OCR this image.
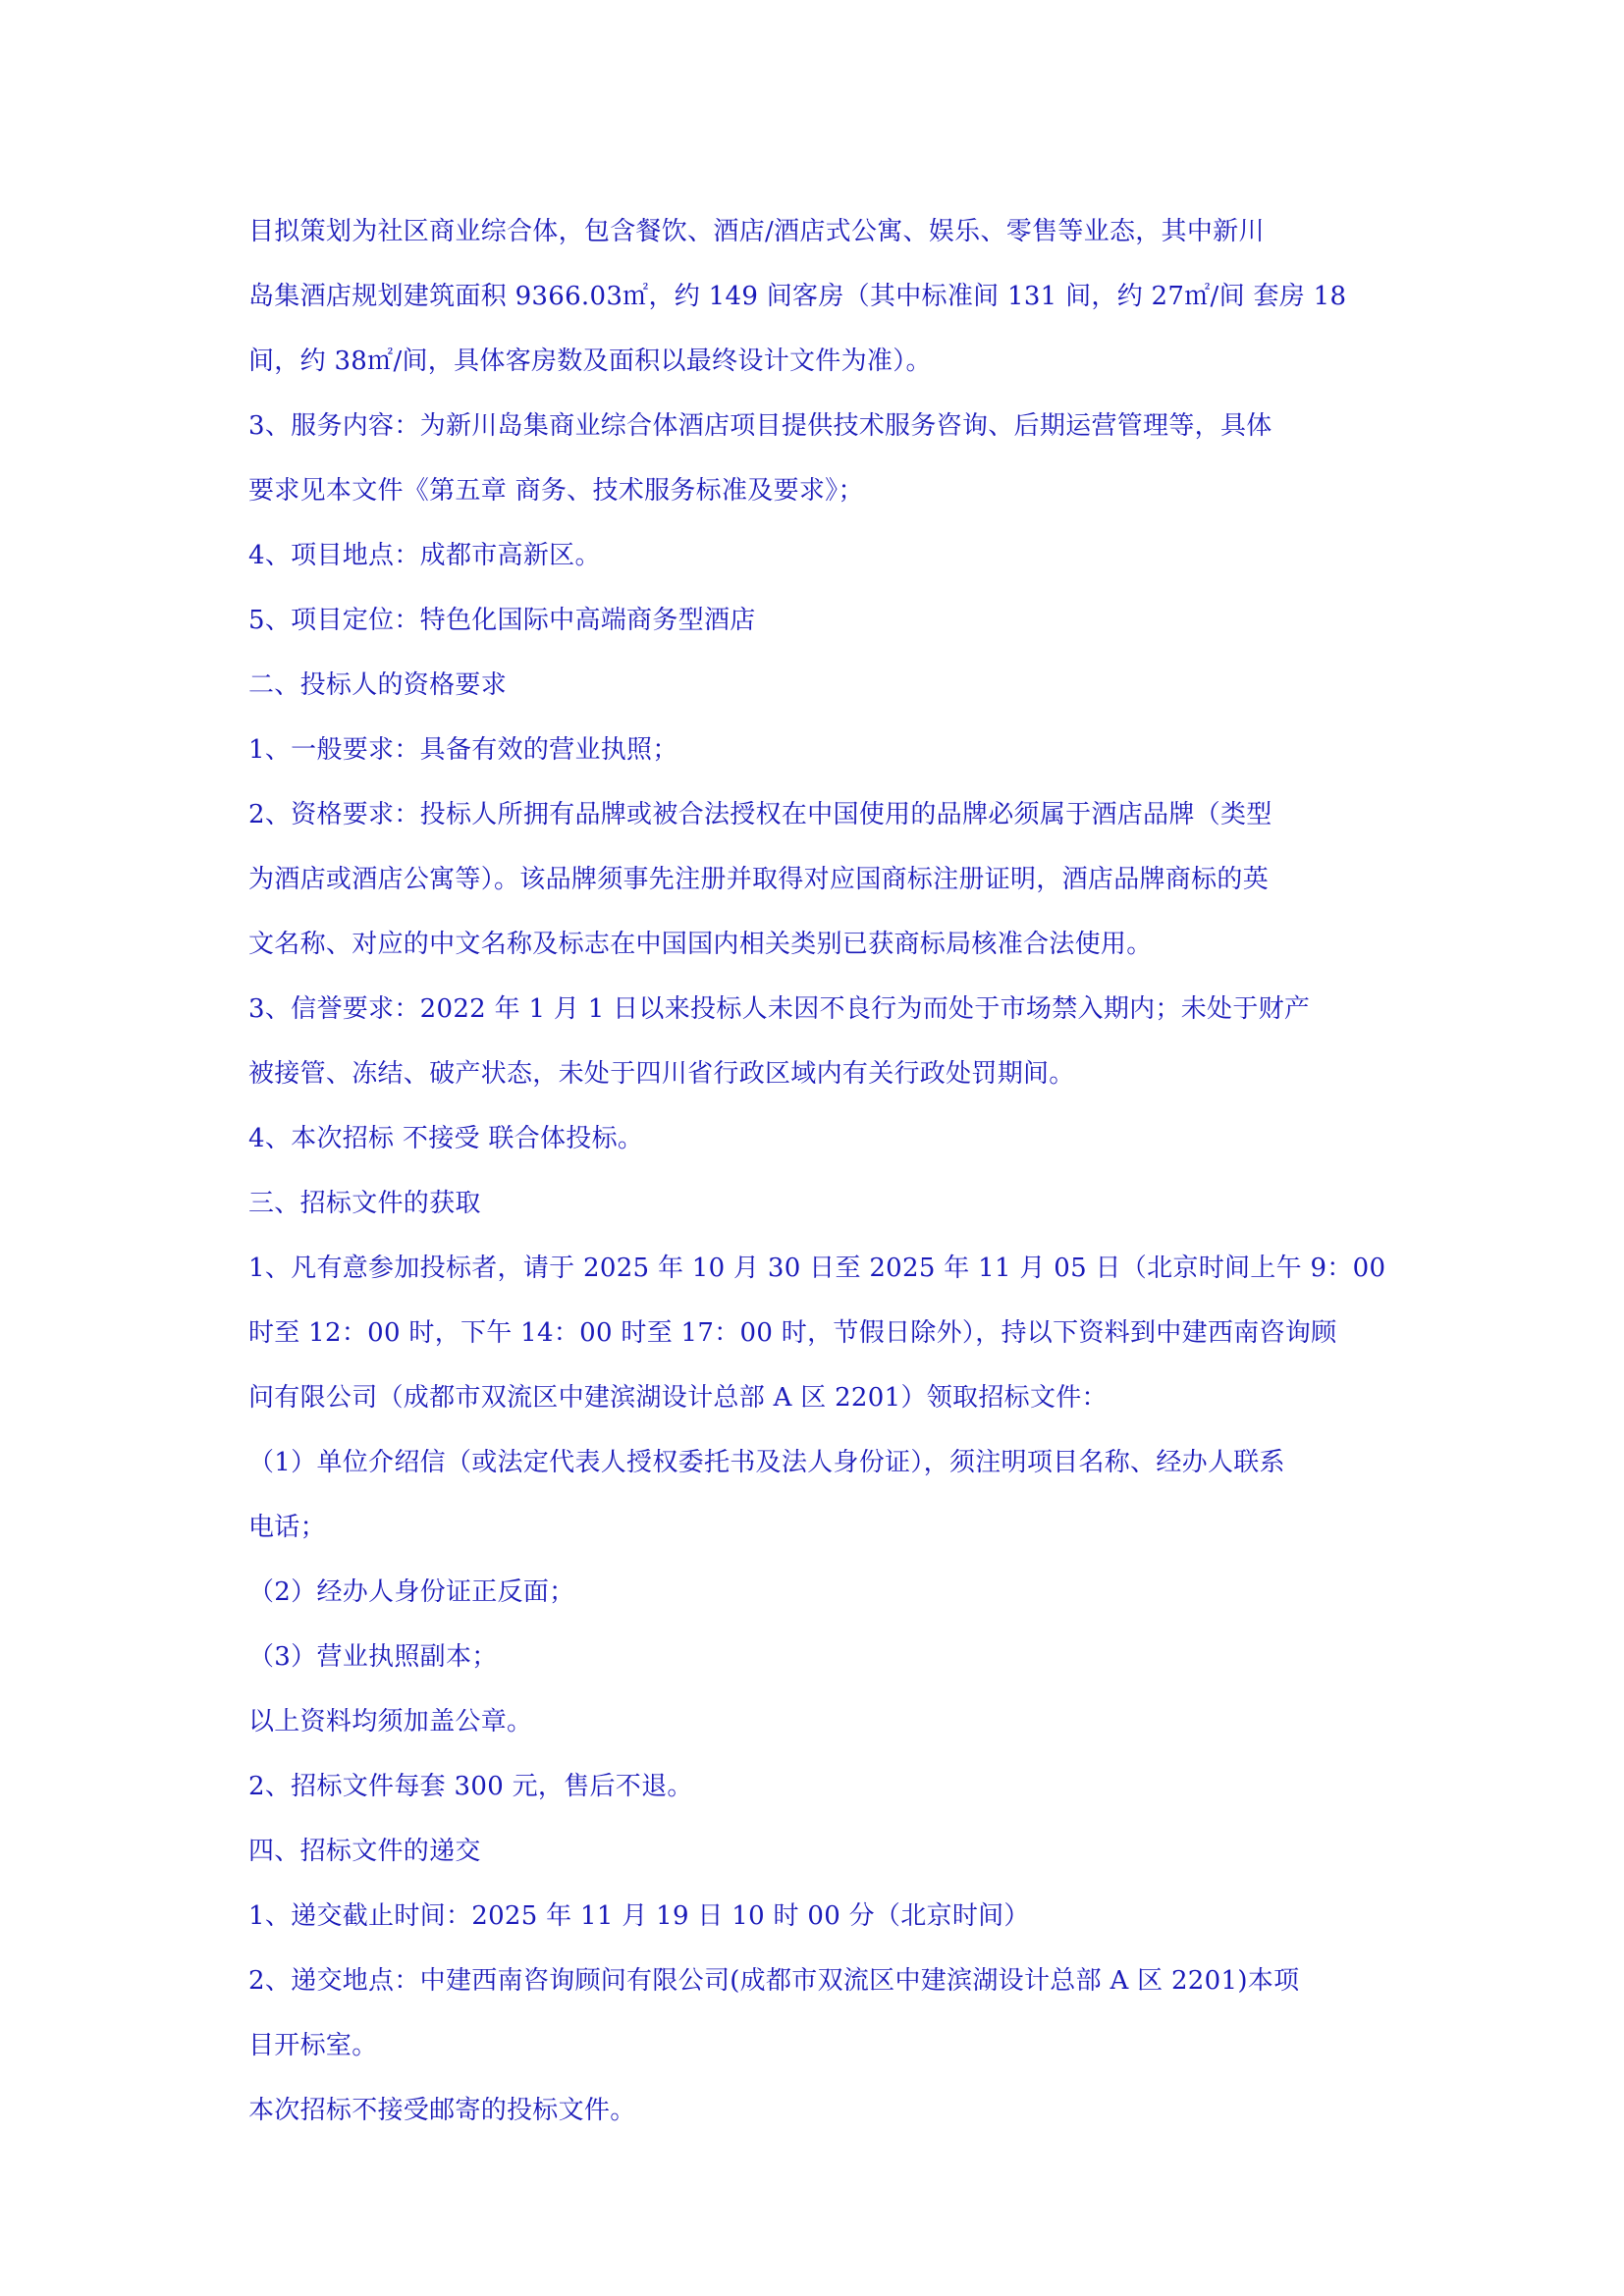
目拟策划为社区商业综合体，包含餐饮、酒店/酒店式公寓、娱乐、零售等业态，其中新川
岛集酒店规划建筑面积 9366.03㎡，约 149 间客房（其中标准间 131 间，约 27㎡/间 套房 18
间，约 38㎡/间，具体客房数及面积以最终设计文件为准）。
3、服务内容：为新川岛集商业综合体酒店项目提供技术服务咨询、后期运营管理等，具体
要求见本文件《第五章 商务、技术服务标准及要求》；
4、项目地点：成都市高新区。
5、项目定位：特色化国际中高端商务型酒店
二、投标人的资格要求
1、一般要求：具备有效的营业执照；
2、资格要求：投标人所拥有品牌或被合法授权在中国使用的品牌必须属于酒店品牌（类型
为酒店或酒店公寓等）。该品牌须事先注册并取得对应国商标注册证明，酒店品牌商标的英
文名称、对应的中文名称及标志在中国国内相关类别已获商标局核准合法使用。
3、信誉要求：2022 年 1 月 1 日以来投标人未因不良行为而处于市场禁入期内；未处于财产
被接管、冻结、破产状态，未处于四川省行政区域内有关行政处罚期间。
4、本次招标 不接受 联合体投标。
三、招标文件的获取
1、凡有意参加投标者，请于 2025 年 10 月 30 日至 2025 年 11 月 05 日（北京时间上午 9：00
时至 12：00 时，下午 14：00 时至 17：00 时，节假日除外），持以下资料到中建西南咨询顾
问有限公司（成都市双流区中建滨湖设计总部 A 区 2201）领取招标文件：
（1）单位介绍信（或法定代表人授权委托书及法人身份证），须注明项目名称、经办人联系
电话；
（2）经办人身份证正反面；
（3）营业执照副本；
以上资料均须加盖公章。
2、招标文件每套 300 元，售后不退。
四、招标文件的递交
1、递交截止时间：2025 年 11 月 19 日 10 时 00 分（北京时间）
2、递交地点：中建西南咨询顾问有限公司(成都市双流区中建滨湖设计总部 A 区 2201)本项
目开标室。
本次招标不接受邮寄的投标文件。
